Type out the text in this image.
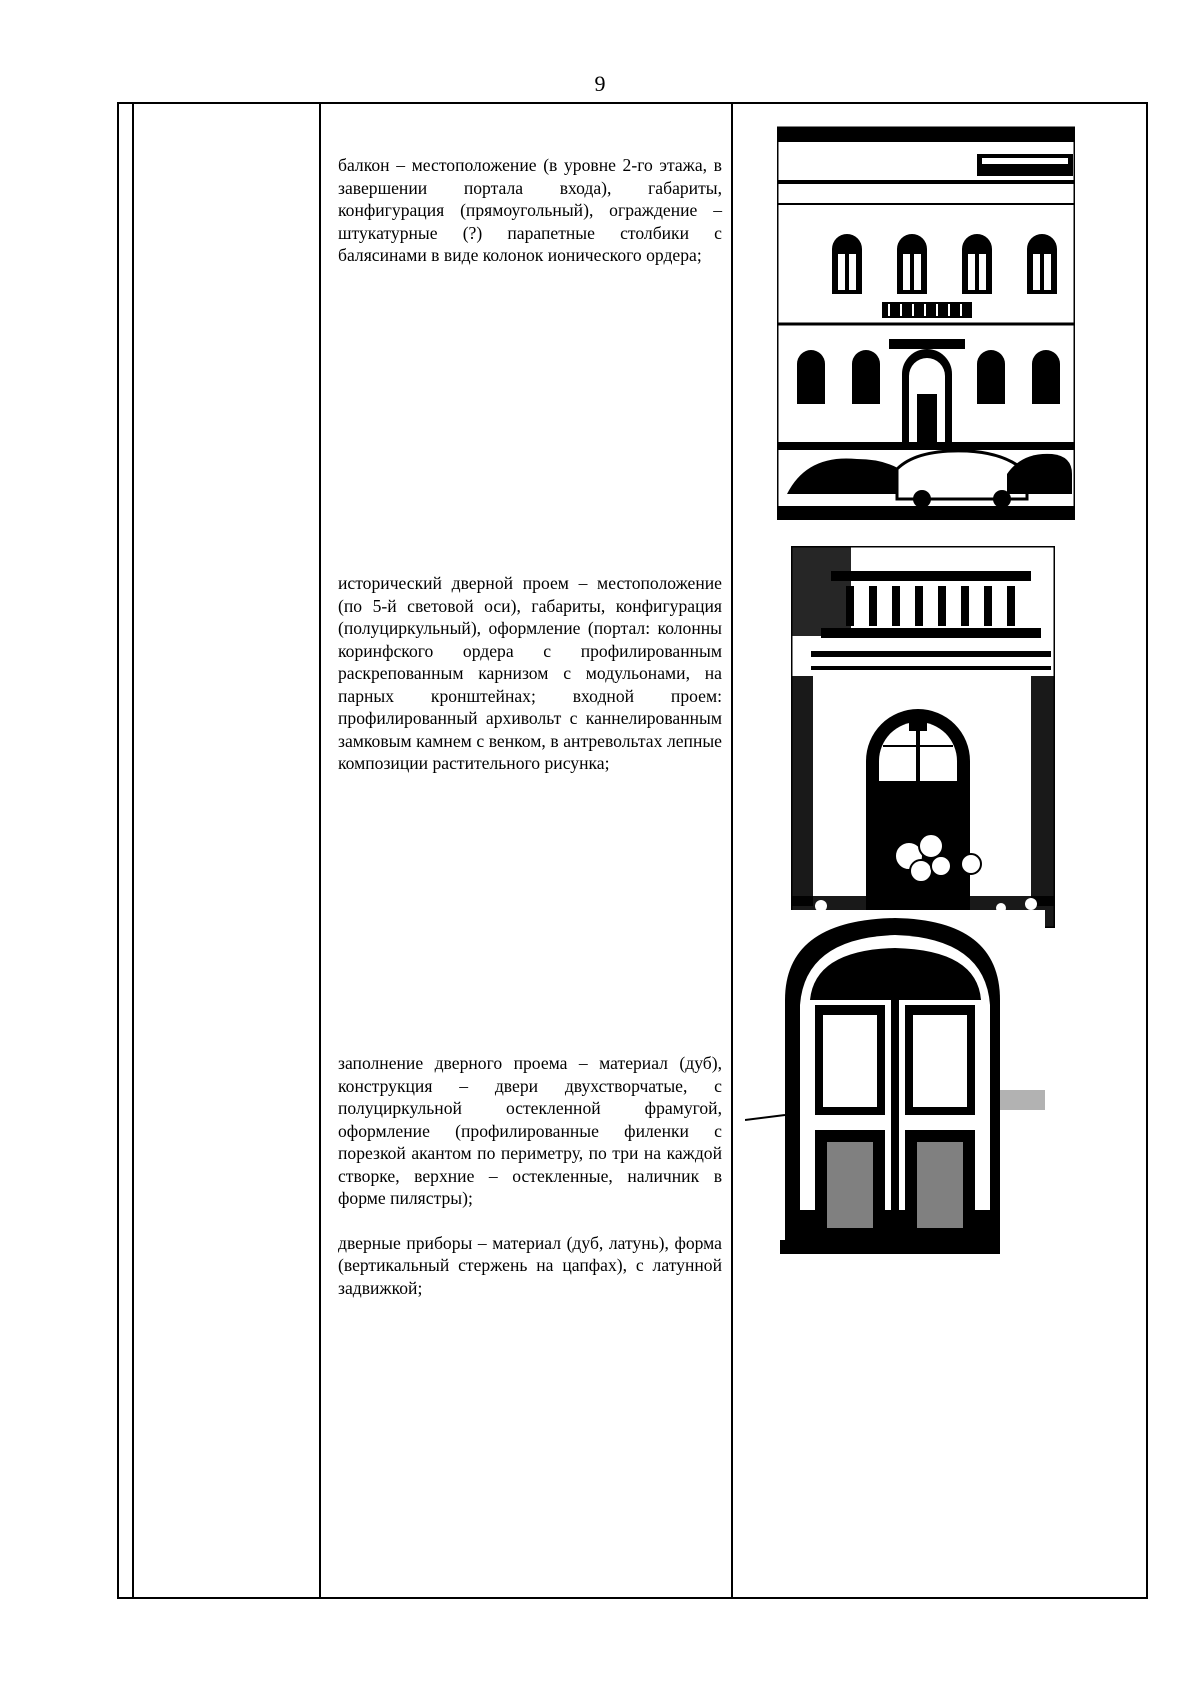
9

балкон – местоположение (в уровне 2-го этажа, в завершении портала входа), габариты, конфигурация (прямоугольный), ограждение – штукатурные (?) парапетные столбики с балясинами в виде колонок ионического ордера;

исторический дверной проем – местоположение (по 5-й световой оси), габариты, конфигурация (полуциркульный), оформление (портал: колонны коринфского ордера с профилированным раскрепованным карнизом с модульонами, на парных кронштейнах; входной проем: профилированный архивольт с каннелированным замковым камнем с венком, в антревольтах лепные композиции растительного рисунка;

заполнение дверного проема – материал (дуб), конструкция – двери двухстворчатые, с полуциркульной остекленной фрамугой, оформление (профилированные филенки с порезкой акантом по периметру, по три на каждой створке, верхние – остекленные, наличник в форме пилястры);

дверные приборы – материал (дуб, латунь), форма (вертикальный стержень на цапфах), с латунной задвижкой;
